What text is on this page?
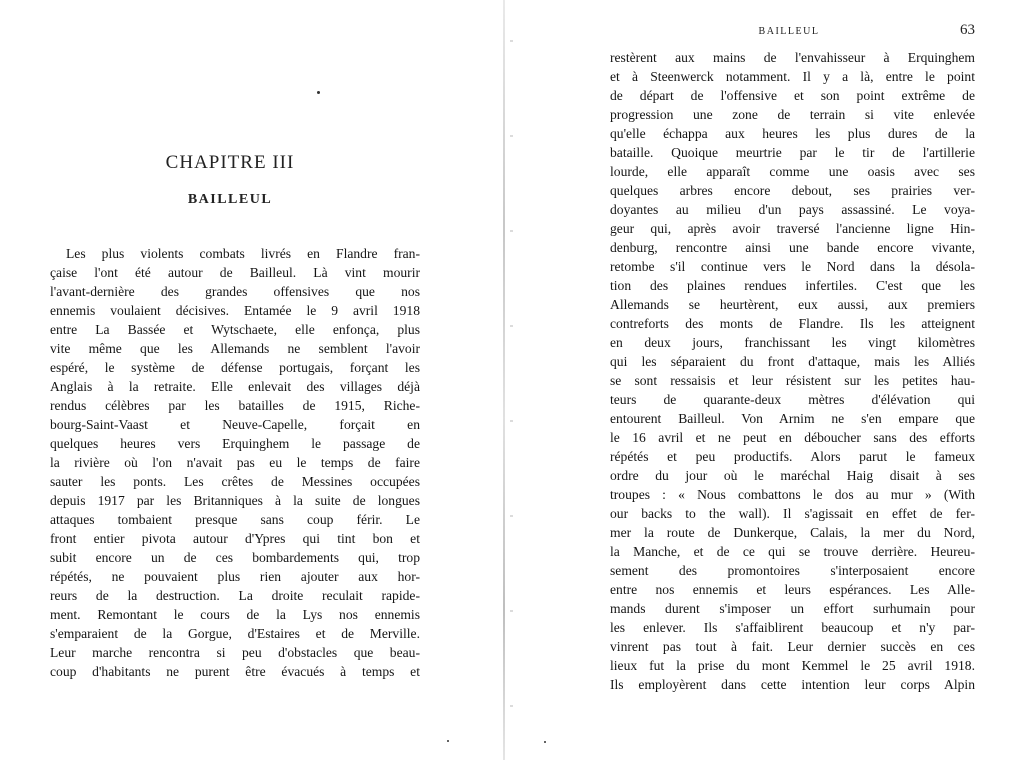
CHAPITRE III
BAILLEUL
Les plus violents combats livrés en Flandre fran-
çaise l'ont été autour de Bailleul. Là vint mourir
l'avant-dernière des grandes offensives que nos
ennemis voulaient décisives. Entamée le 9 avril 1918
entre La Bassée et Wytschaete, elle enfonça, plus
vite même que les Allemands ne semblent l'avoir
espéré, le système de défense portugais, forçant les
Anglais à la retraite. Elle enlevait des villages déjà
rendus célèbres par les batailles de 1915, Riche-
bourg-Saint-Vaast et Neuve-Capelle, forçait en
quelques heures vers Erquinghem le passage de
la rivière où l'on n'avait pas eu le temps de faire
sauter les ponts. Les crêtes de Messines occupées
depuis 1917 par les Britanniques à la suite de longues
attaques tombaient presque sans coup férir. Le
front entier pivota autour d'Ypres qui tint bon et
subit encore un de ces bombardements qui, trop
répétés, ne pouvaient plus rien ajouter aux hor-
reurs de la destruction. La droite reculait rapide-
ment. Remontant le cours de la Lys nos ennemis
s'emparaient de la Gorgue, d'Estaires et de Merville.
Leur marche rencontra si peu d'obstacles que beau-
coup d'habitants ne purent être évacués à temps et
BAILLEUL	63
restèrent aux mains de l'envahisseur à Erquinghem
et à Steenwerck notamment. Il y a là, entre le point
de départ de l'offensive et son point extrême de
progression une zone de terrain si vite enlevée
qu'elle échappa aux heures les plus dures de la
bataille. Quoique meurtrie par le tir de l'artillerie
lourde, elle apparaît comme une oasis avec ses
quelques arbres encore debout, ses prairies ver-
doyantes au milieu d'un pays assassiné. Le voya-
geur qui, après avoir traversé l'ancienne ligne Hin-
denburg, rencontre ainsi une bande encore vivante,
retombe s'il continue vers le Nord dans la désola-
tion des plaines rendues infertiles. C'est que les
Allemands se heurtèrent, eux aussi, aux premiers
contreforts des monts de Flandre. Ils les atteignent
en deux jours, franchissant les vingt kilomètres
qui les séparaient du front d'attaque, mais les Alliés
se sont ressaisis et leur résistent sur les petites hau-
teurs de quarante-deux mètres d'élévation qui
entourent Bailleul. Von Arnim ne s'en empare que
le 16 avril et ne peut en déboucher sans des efforts
répétés et peu productifs. Alors parut le fameux
ordre du jour où le maréchal Haig disait à ses
troupes : « Nous combattons le dos au mur » (With
our backs to the wall). Il s'agissait en effet de fer-
mer la route de Dunkerque, Calais, la mer du Nord,
la Manche, et de ce qui se trouve derrière. Heureu-
sement des promontoires s'interposaient encore
entre nos ennemis et leurs espérances. Les Alle-
mands durent s'imposer un effort surhumain pour
les enlever. Ils s'affaiblirent beaucoup et n'y par-
vinrent pas tout à fait. Leur dernier succès en ces
lieux fut la prise du mont Kemmel le 25 avril 1918.
Ils employèrent dans cette intention leur corps Alpin
